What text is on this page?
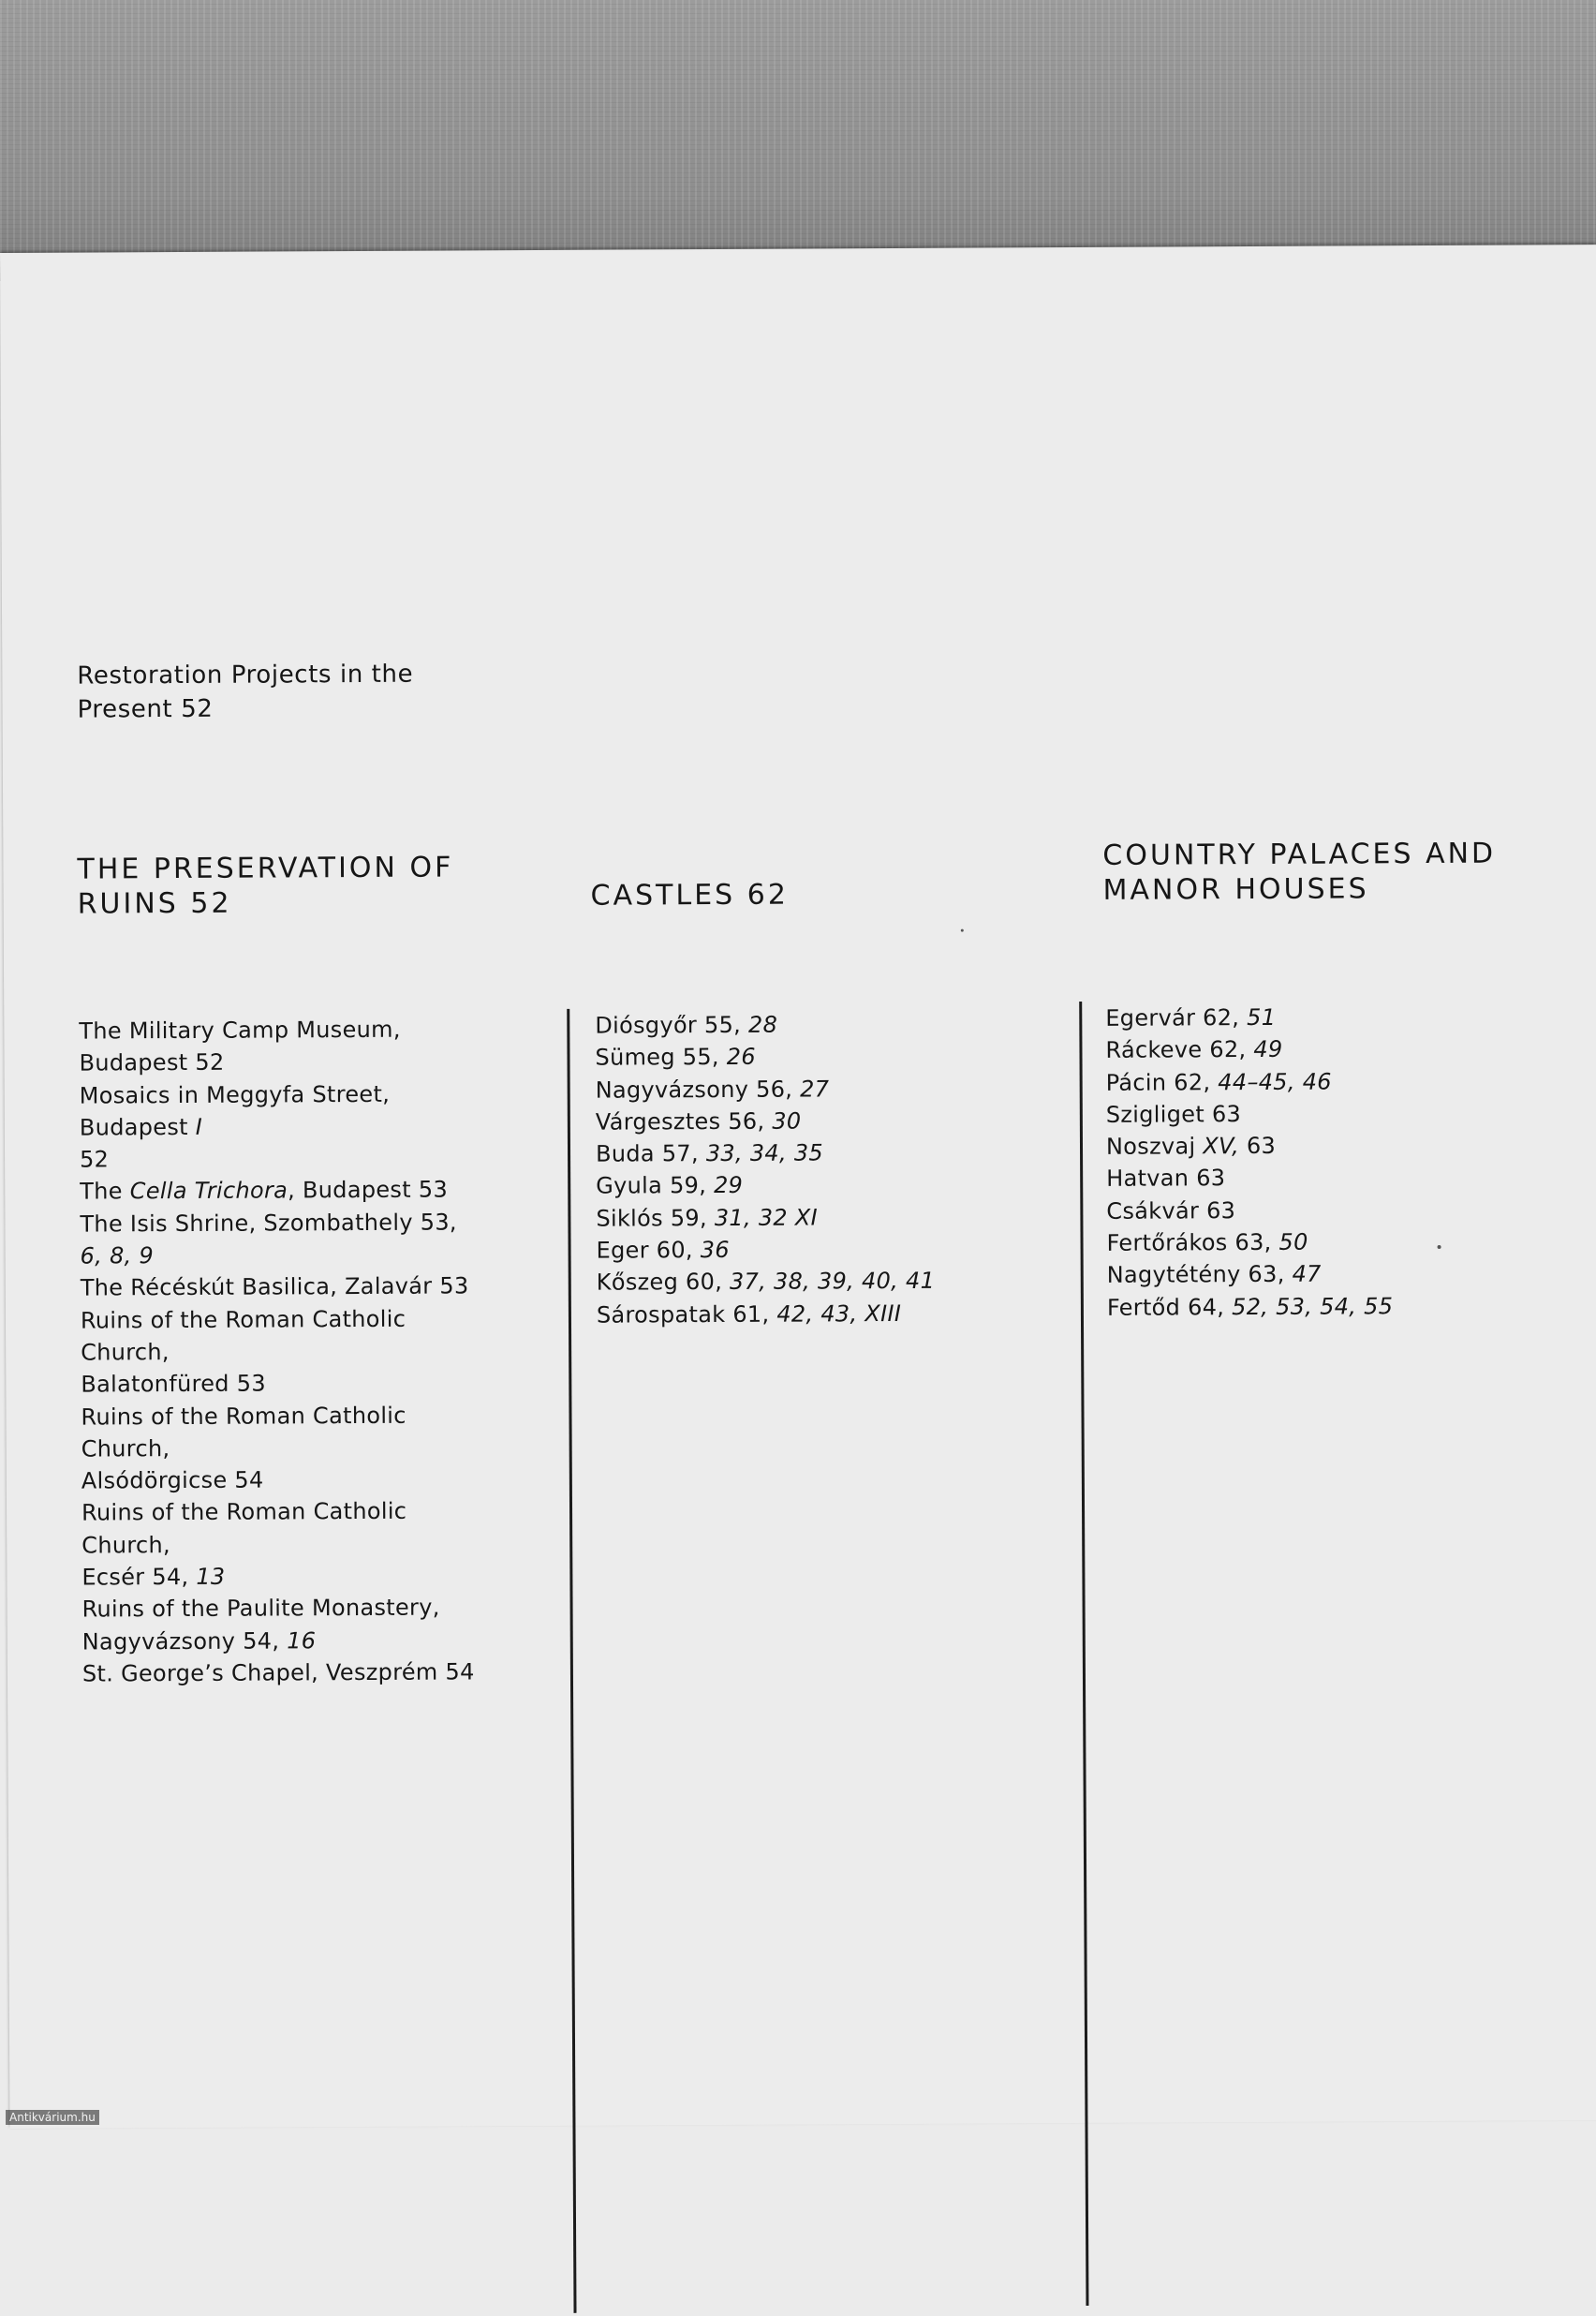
Restoration Projects in the
Present 52
THE PRESERVATION OF
RUINS 52	CASTLES 62
COUNTRY PALACES AND
MANOR HOUSES
The Military Camp Museum,
Budapest 52
Mosaics in Meggyfa Street, Budapest I
52
The Cella Trichora, Budapest 53
The Isis Shrine, Szombathely 53, 6, 8, 9
The Récéskút Basilica, Zalavár 53
Ruins of the Roman Catholic Church,
Balatonfüred 53
Ruins of the Roman Catholic Church,
Alsódörgicse 54
Ruins of the Roman Catholic Church,
Ecsér 54, 13
Ruins of the Paulite Monastery,
Nagyvázsony 54, 16
St. George’s Chapel, Veszprém 54
Diósgyőr 55, 28
Sümeg 55, 26
Nagyvázsony 56, 27
Várgesztes 56, 30
Buda 57, 33, 34, 35
Gyula 59, 29
Siklós 59, 31, 32 XI
Eger 60, 36
Kőszeg 60, 37, 38, 39, 40, 41
Sárospatak 61, 42, 43, XIII
Egervár 62, 51
Ráckeve 62, 49
Pácin 62, 44–45, 46
Szigliget 63
Noszvaj XV, 63
Hatvan 63
Csákvár 63
Fertőrákos 63, 50
Nagytétény 63, 47
Fertőd 64, 52, 53, 54, 55
Antikvárium.hu
